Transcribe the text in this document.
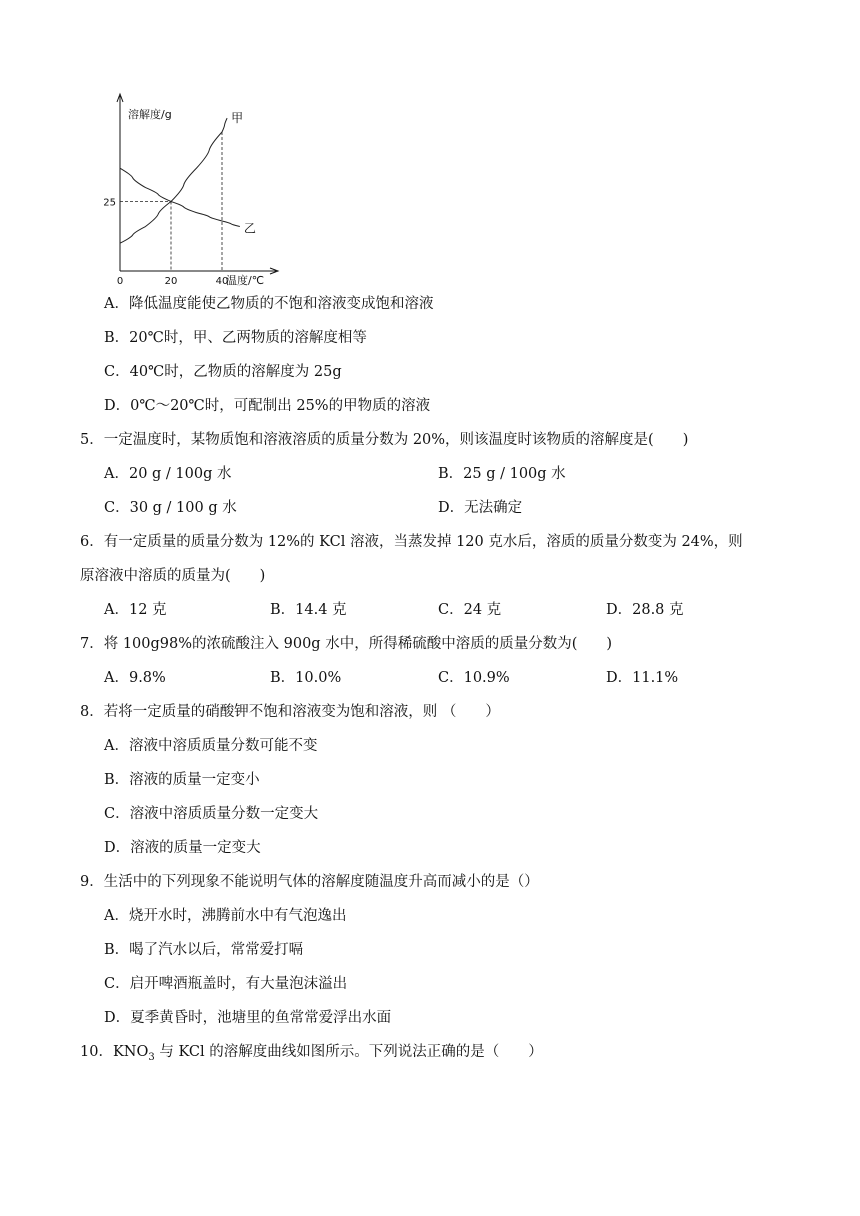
甲
乙
0	20	40
25
溶解度/g
温度/℃
A．降低温度能使乙物质的不饱和溶液变成饱和溶液
B．20℃时，甲、乙两物质的溶解度相等
C．40℃时，乙物质的溶解度为 25g
D．0℃～20℃时，可配制出 25%的甲物质的溶液
5．一定温度时，某物质饱和溶液溶质的质量分数为 20%，则该温度时该物质的溶解度是(　　)
A．20 g / 100g 水	B．25 g / 100g 水
C．30 g / 100 g 水	D．无法确定
6．有一定质量的质量分数为 12%的 KCl 溶液，当蒸发掉 120 克水后，溶质的质量分数变为 24%，则
原溶液中溶质的质量为(　　)
A．12 克	B．14.4 克	C．24 克	D．28.8 克
7．将 100g98%的浓硫酸注入 900g 水中，所得稀硫酸中溶质的质量分数为(　　)
A．9.8%	B．10.0%	C．10.9%	D．11.1%
8．若将一定质量的硝酸钾不饱和溶液变为饱和溶液，则 （　　）
A．溶液中溶质质量分数可能不变
B．溶液的质量一定变小
C．溶液中溶质质量分数一定变大
D．溶液的质量一定变大
9．生活中的下列现象不能说明气体的溶解度随温度升高而减小的是（）
A．烧开水时，沸腾前水中有气泡逸出
B．喝了汽水以后，常常爱打嗝
C．启开啤酒瓶盖时，有大量泡沫溢出
D．夏季黄昏时，池塘里的鱼常常爱浮出水面
10．$KNO_3$ 与 KCl 的溶解度曲线如图所示。下列说法正确的是（　　）
